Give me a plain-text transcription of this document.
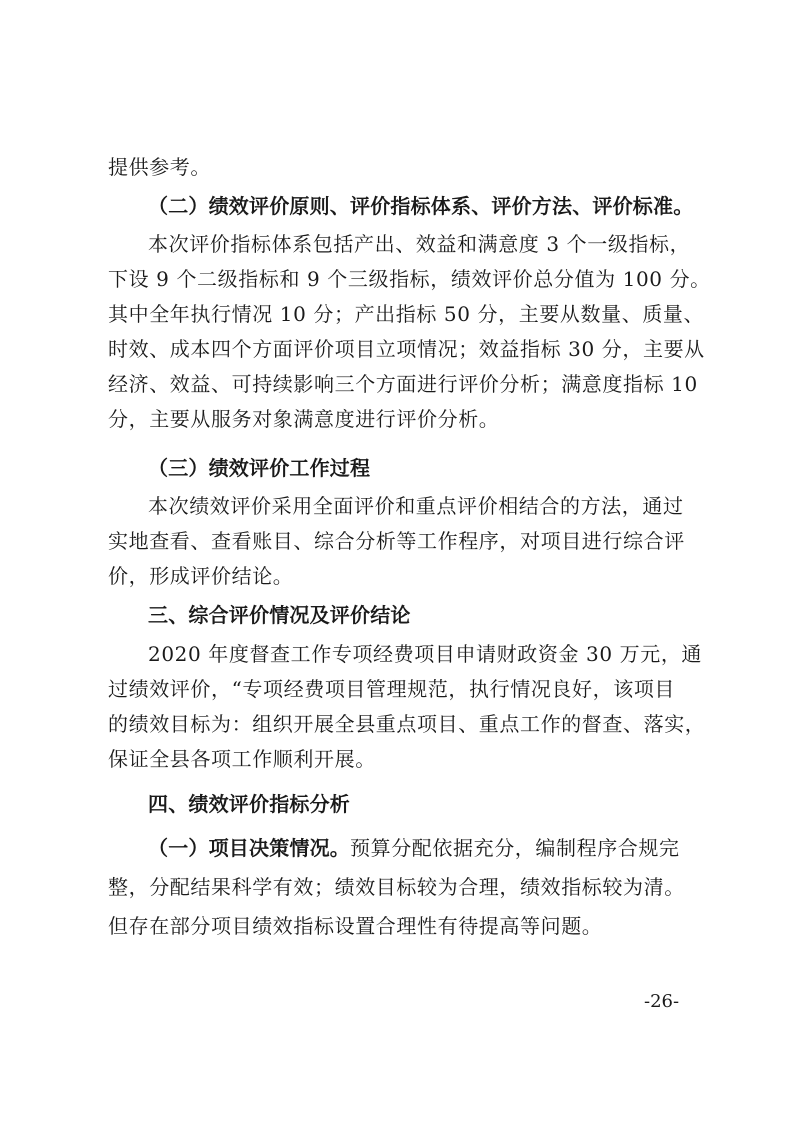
提供参考。
（二）绩效评价原则、评价指标体系、评价方法、评价标准。
本次评价指标体系包括产出、效益和满意度 3 个一级指标，
下设 9 个二级指标和 9 个三级指标，绩效评价总分值为 100 分。
其中全年执行情况 10 分；产出指标 50 分，主要从数量、质量、
时效、成本四个方面评价项目立项情况；效益指标 30 分，主要从
经济、效益、可持续影响三个方面进行评价分析；满意度指标 10
分，主要从服务对象满意度进行评价分析。
（三）绩效评价工作过程
本次绩效评价采用全面评价和重点评价相结合的方法，通过
实地查看、查看账目、综合分析等工作程序，对项目进行综合评
价，形成评价结论。
三、综合评价情况及评价结论
2020 年度督查工作专项经费项目申请财政资金 30 万元，通
过绩效评价，“专项经费项目管理规范，执行情况良好，该项目
的绩效目标为：组织开展全县重点项目、重点工作的督查、落实，
保证全县各项工作顺利开展。
四、绩效评价指标分析
（一）项目决策情况。预算分配依据充分，编制程序合规完
整，分配结果科学有效；绩效目标较为合理，绩效指标较为清。
但存在部分项目绩效指标设置合理性有待提高等问题。
-26-
